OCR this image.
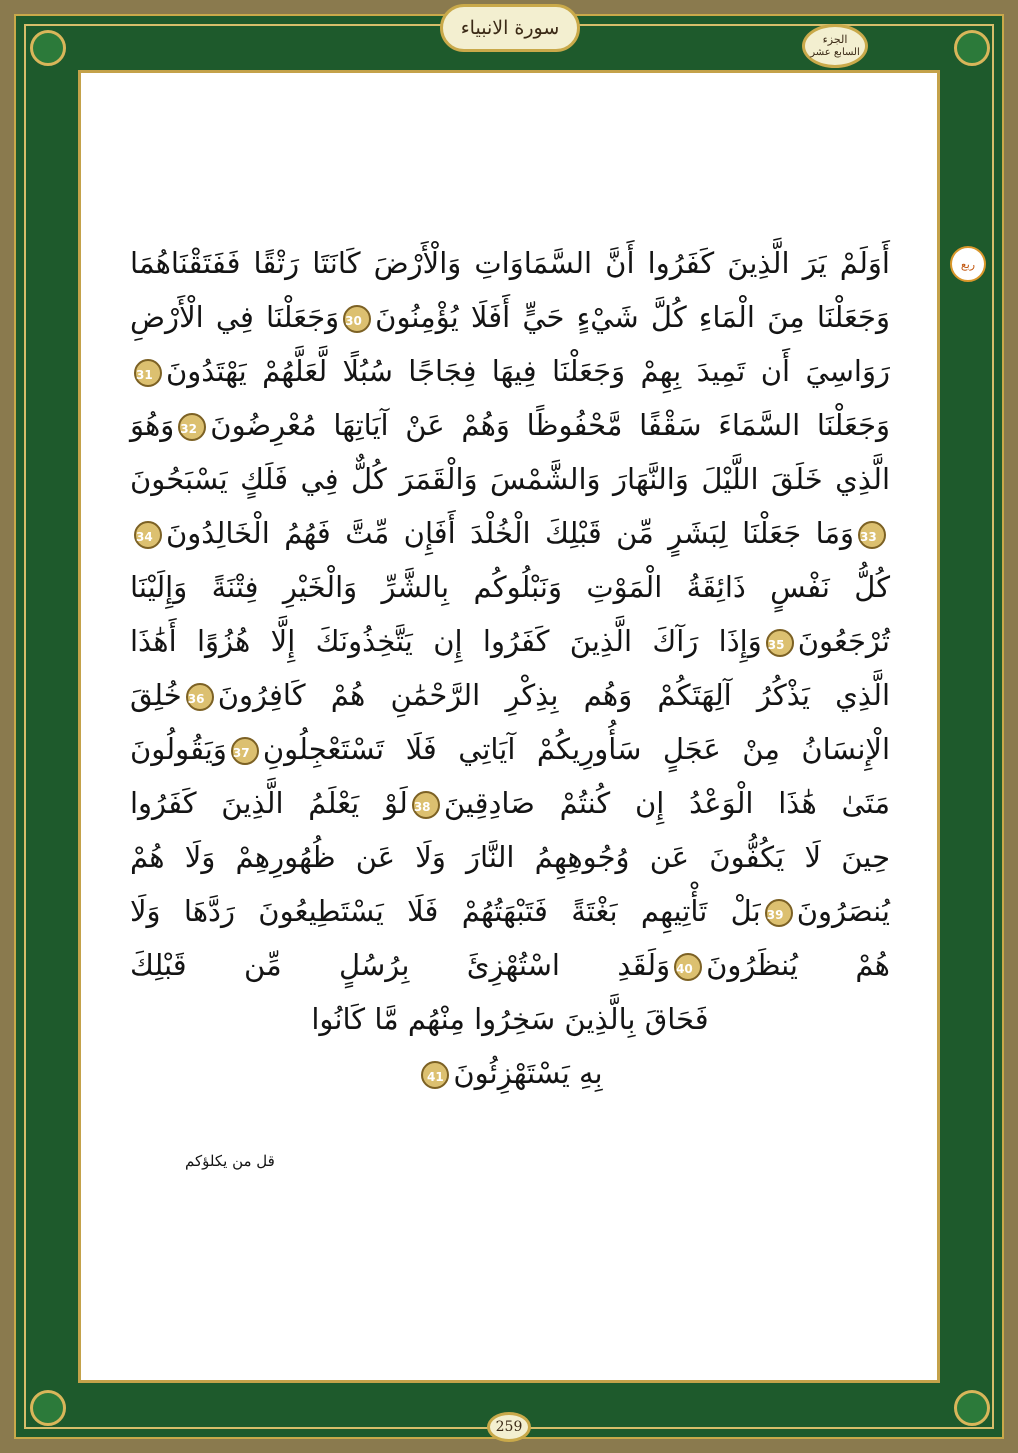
سورة الانبياء
الجزء
السابع عشر
ربع
أَوَلَمْ يَرَ الَّذِينَ كَفَرُوا أَنَّ السَّمَاوَاتِ وَالْأَرْضَ كَانَتَا رَتْقًا فَفَتَقْنَاهُمَا
وَجَعَلْنَا مِنَ الْمَاءِ كُلَّ شَيْءٍ حَيٍّ أَفَلَا يُؤْمِنُونَ30وَجَعَلْنَا فِي الْأَرْضِ
رَوَاسِيَ أَن تَمِيدَ بِهِمْ وَجَعَلْنَا فِيهَا فِجَاجًا سُبُلًا لَّعَلَّهُمْ يَهْتَدُونَ31
وَجَعَلْنَا السَّمَاءَ سَقْفًا مَّحْفُوظًا وَهُمْ عَنْ آيَاتِهَا مُعْرِضُونَ32وَهُوَ
الَّذِي خَلَقَ اللَّيْلَ وَالنَّهَارَ وَالشَّمْسَ وَالْقَمَرَ كُلٌّ فِي فَلَكٍ يَسْبَحُونَ
33وَمَا جَعَلْنَا لِبَشَرٍ مِّن قَبْلِكَ الْخُلْدَ أَفَإِن مِّتَّ فَهُمُ الْخَالِدُونَ34
كُلُّ نَفْسٍ ذَائِقَةُ الْمَوْتِ وَنَبْلُوكُم بِالشَّرِّ وَالْخَيْرِ فِتْنَةً وَإِلَيْنَا
تُرْجَعُونَ35وَإِذَا رَآكَ الَّذِينَ كَفَرُوا إِن يَتَّخِذُونَكَ إِلَّا هُزُوًا أَهَٰذَا
الَّذِي يَذْكُرُ آلِهَتَكُمْ وَهُم بِذِكْرِ الرَّحْمَٰنِ هُمْ كَافِرُونَ36خُلِقَ
الْإِنسَانُ مِنْ عَجَلٍ سَأُورِيكُمْ آيَاتِي فَلَا تَسْتَعْجِلُونِ37وَيَقُولُونَ
مَتَىٰ هَٰذَا الْوَعْدُ إِن كُنتُمْ صَادِقِينَ38لَوْ يَعْلَمُ الَّذِينَ كَفَرُوا
حِينَ لَا يَكُفُّونَ عَن وُجُوهِهِمُ النَّارَ وَلَا عَن ظُهُورِهِمْ وَلَا هُمْ
يُنصَرُونَ39بَلْ تَأْتِيهِم بَغْتَةً فَتَبْهَتُهُمْ فَلَا يَسْتَطِيعُونَ رَدَّهَا وَلَا
هُمْ يُنظَرُونَ40وَلَقَدِ اسْتُهْزِئَ بِرُسُلٍ مِّن قَبْلِكَ
فَحَاقَ بِالَّذِينَ سَخِرُوا مِنْهُم مَّا كَانُوا
بِهِ يَسْتَهْزِئُونَ41
قل من يكلؤكم
259
